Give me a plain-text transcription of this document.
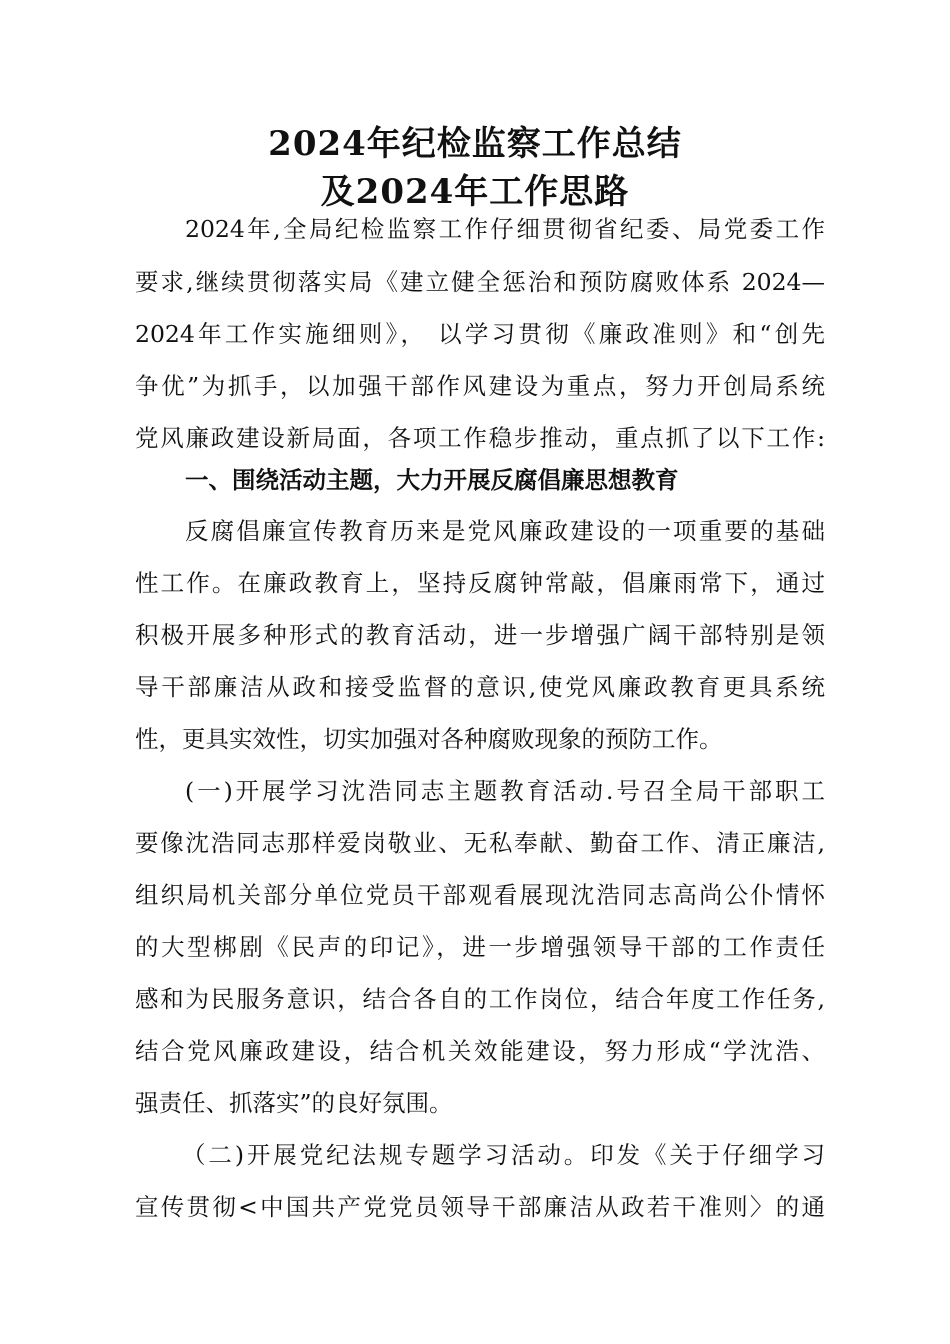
2024年纪检监察工作总结
及2024年工作思路
2024年,全局纪检监察工作仔细贯彻省纪委、局党委工作
要求,继续贯彻落实局《建立健全惩治和预防腐败体系 2024—
2024年工作实施细则》， 以学习贯彻《廉政准则》和“创先
争优”为抓手，以加强干部作风建设为重点，努力开创局系统
党风廉政建设新局面，各项工作稳步推动，重点抓了以下工作:
一、围绕活动主题，大力开展反腐倡廉思想教育
反腐倡廉宣传教育历来是党风廉政建设的一项重要的基础
性工作。在廉政教育上，坚持反腐钟常敲，倡廉雨常下，通过
积极开展多种形式的教育活动，进一步增强广阔干部特别是领
导干部廉洁从政和接受监督的意识,使党风廉政教育更具系统
性，更具实效性，切实加强对各种腐败现象的预防工作。
(一)开展学习沈浩同志主题教育活动.号召全局干部职工
要像沈浩同志那样爱岗敬业、无私奉献、勤奋工作、清正廉洁,
组织局机关部分单位党员干部观看展现沈浩同志高尚公仆情怀
的大型梆剧《民声的印记》，进一步增强领导干部的工作责任
感和为民服务意识，结合各自的工作岗位，结合年度工作任务,
结合党风廉政建设，结合机关效能建设，努力形成“学沈浩、
强责任、抓落实”的良好氛围。
（二)开展党纪法规专题学习活动。印发《关于仔细学习
宣传贯彻<中国共产党党员领导干部廉洁从政若干准则〉的通
